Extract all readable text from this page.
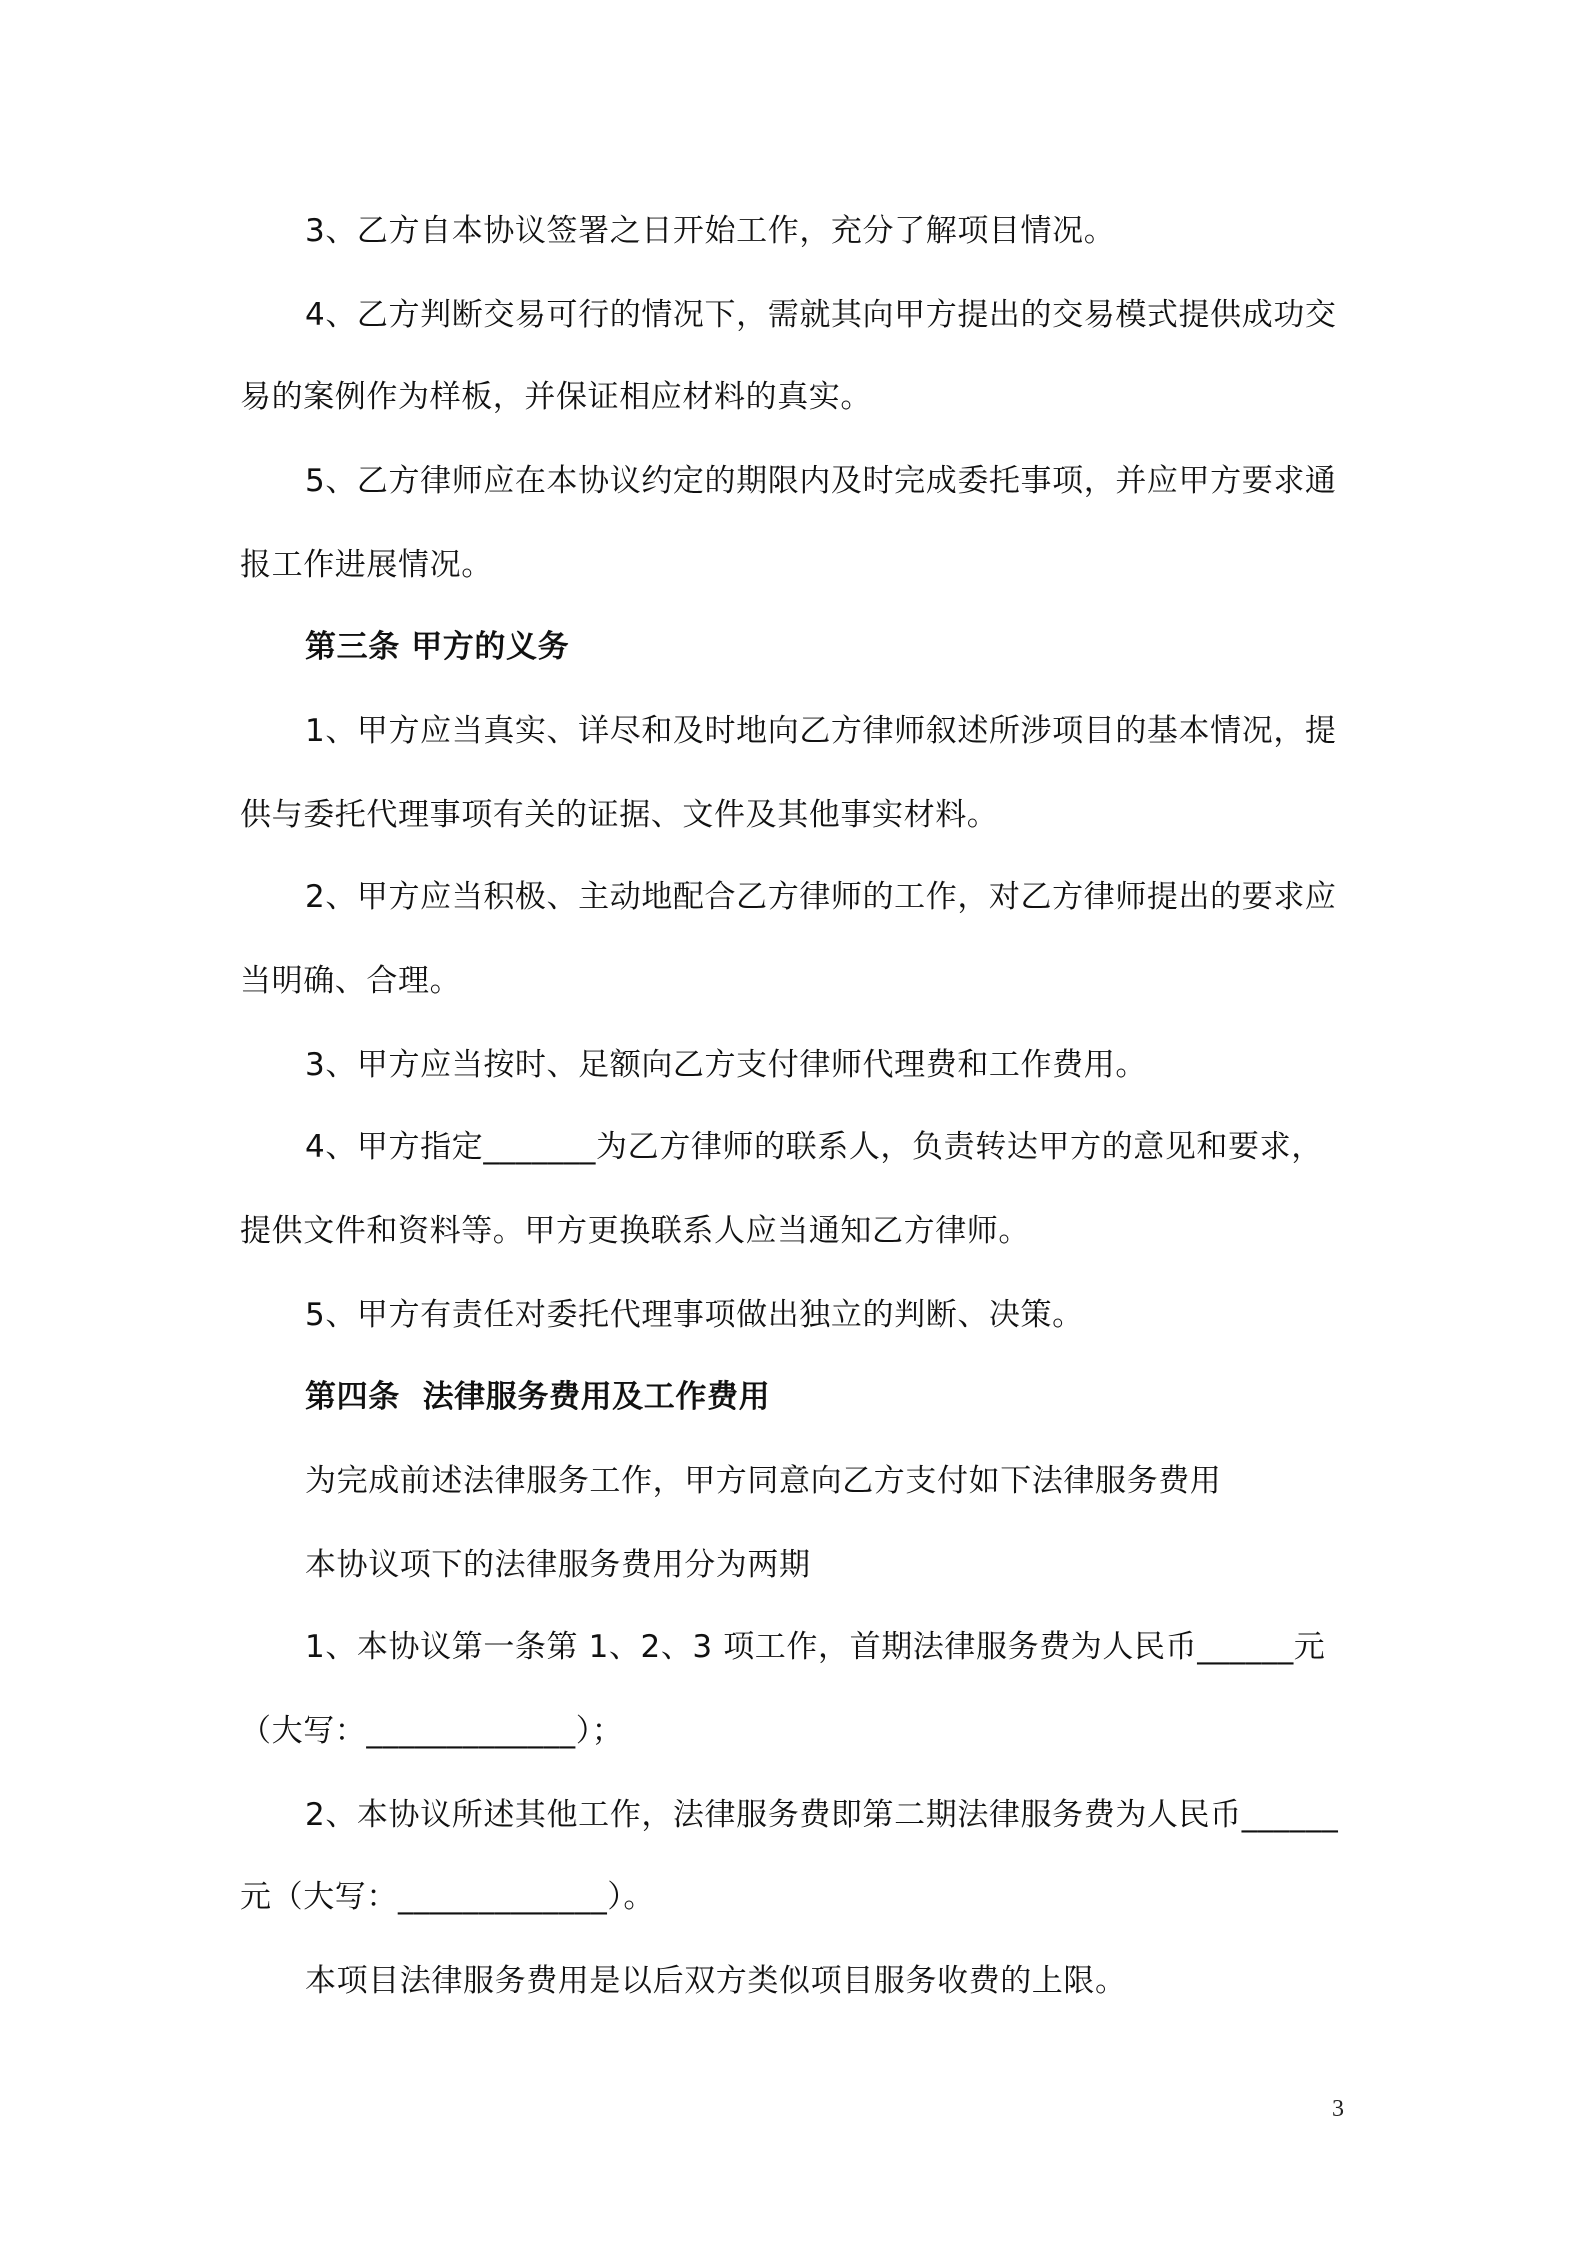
3、乙方自本协议签署之日开始工作，充分了解项目情况。
4、乙方判断交易可行的情况下，需就其向甲方提出的交易模式提供成功交
易的案例作为样板，并保证相应材料的真实。
5、乙方律师应在本协议约定的期限内及时完成委托事项，并应甲方要求通
报工作进展情况。
第三条 甲方的义务
1、甲方应当真实、详尽和及时地向乙方律师叙述所涉项目的基本情况，提
供与委托代理事项有关的证据、文件及其他事实材料。
2、甲方应当积极、主动地配合乙方律师的工作，对乙方律师提出的要求应
当明确、合理。
3、甲方应当按时、足额向乙方支付律师代理费和工作费用。
4、甲方指定_______为乙方律师的联系人，负责转达甲方的意见和要求，
提供文件和资料等。甲方更换联系人应当通知乙方律师。
5、甲方有责任对委托代理事项做出独立的判断、决策。
第四条  法律服务费用及工作费用
为完成前述法律服务工作，甲方同意向乙方支付如下法律服务费用
本协议项下的法律服务费用分为两期
1、本协议第一条第 1、2、3 项工作，首期法律服务费为人民币______元
（大写：_____________）；
2、本协议所述其他工作，法律服务费即第二期法律服务费为人民币______
元（大写：_____________）。
本项目法律服务费用是以后双方类似项目服务收费的上限。
3
